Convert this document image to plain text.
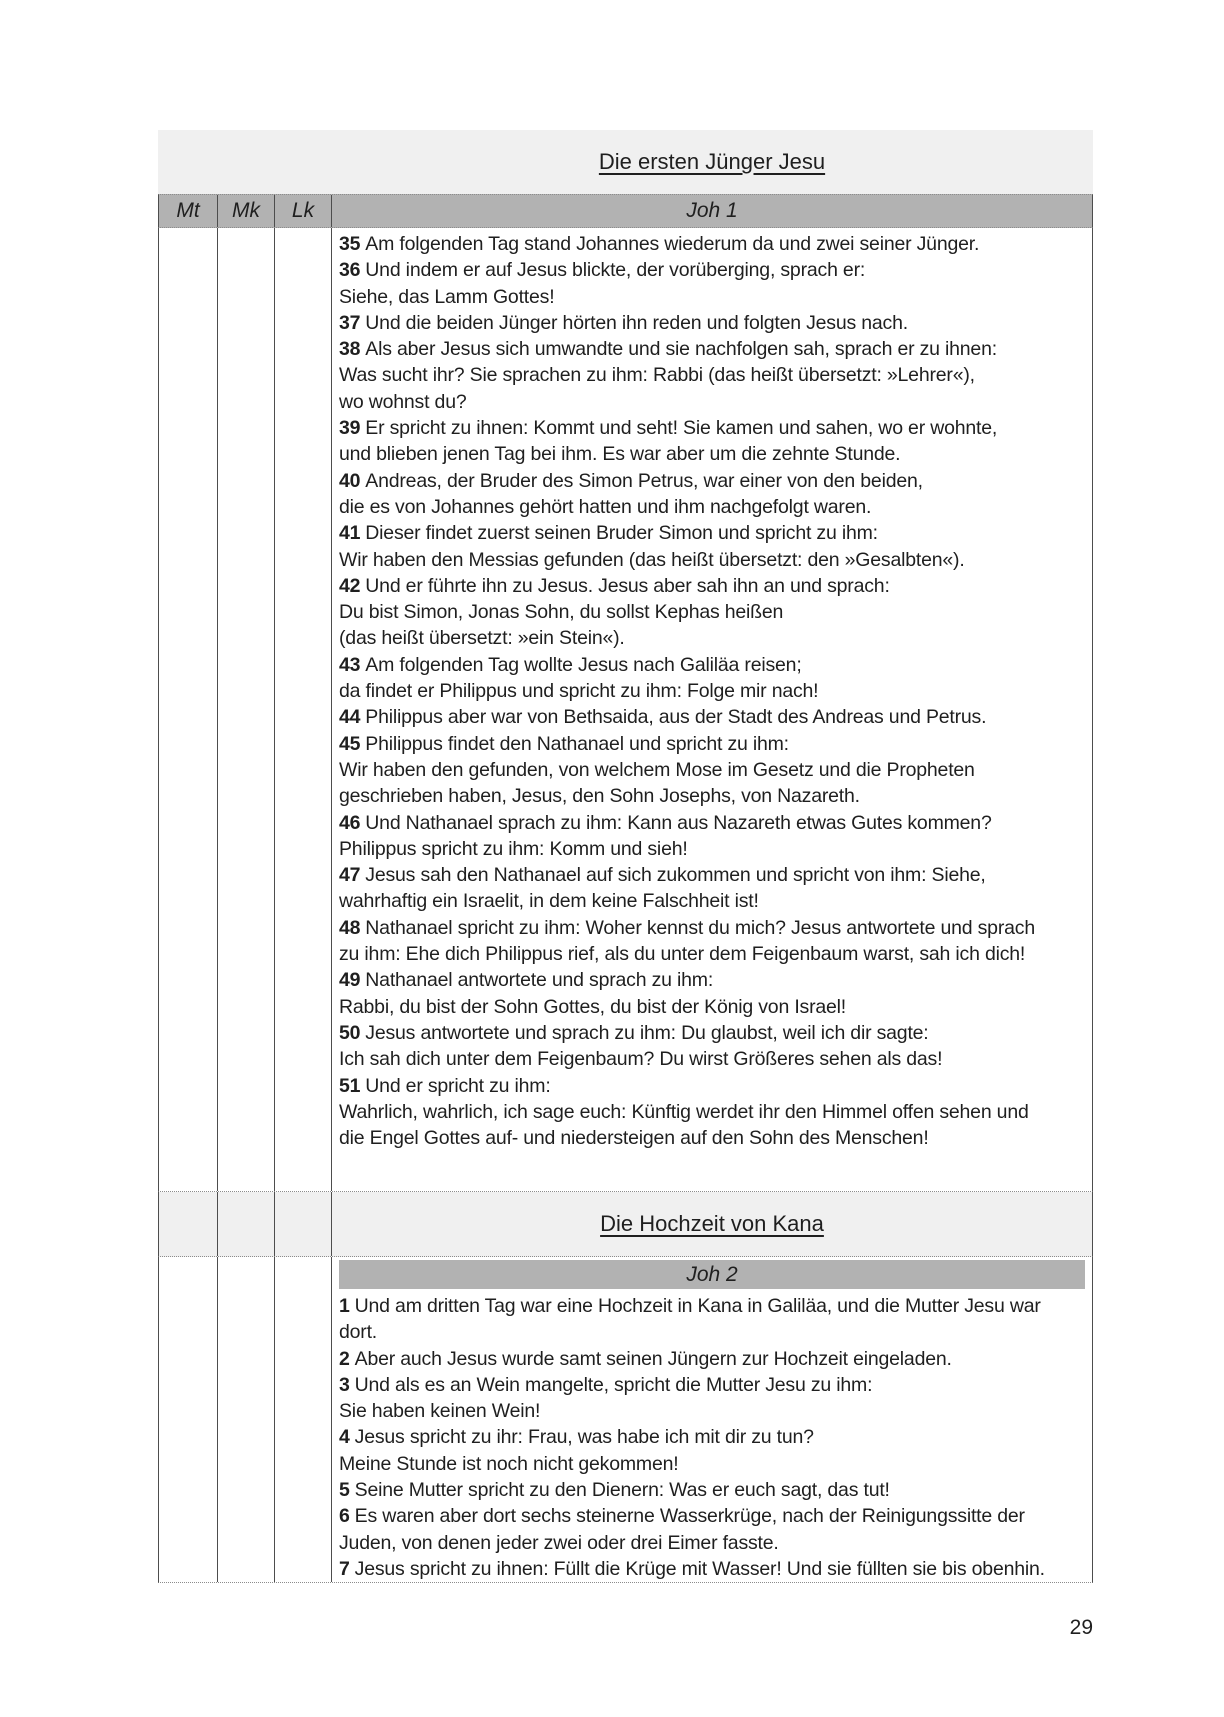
Die ersten Jünger Jesu
Mt	Mk	Lk	Joh 1
35 Am folgenden Tag stand Johannes wiederum da und zwei seiner Jünger.
36 Und indem er auf Jesus blickte, der vorüberging, sprach er:
Siehe, das Lamm Gottes!
37 Und die beiden Jünger hörten ihn reden und folgten Jesus nach.
38 Als aber Jesus sich umwandte und sie nachfolgen sah, sprach er zu ihnen:
Was sucht ihr? Sie sprachen zu ihm: Rabbi (das heißt übersetzt: »Lehrer«),
wo wohnst du?
39 Er spricht zu ihnen: Kommt und seht! Sie kamen und sahen, wo er wohnte,
und blieben jenen Tag bei ihm. Es war aber um die zehnte Stunde.
40 Andreas, der Bruder des Simon Petrus, war einer von den beiden,
die es von Johannes gehört hatten und ihm nachgefolgt waren.
41 Dieser findet zuerst seinen Bruder Simon und spricht zu ihm:
Wir haben den Messias gefunden (das heißt übersetzt: den »Gesalbten«).
42 Und er führte ihn zu Jesus. Jesus aber sah ihn an und sprach:
Du bist Simon, Jonas Sohn, du sollst Kephas heißen
(das heißt übersetzt: »ein Stein«).
43 Am folgenden Tag wollte Jesus nach Galiläa reisen;
da findet er Philippus und spricht zu ihm: Folge mir nach!
44 Philippus aber war von Bethsaida, aus der Stadt des Andreas und Petrus.
45 Philippus findet den Nathanael und spricht zu ihm:
Wir haben den gefunden, von welchem Mose im Gesetz und die Propheten
geschrieben haben, Jesus, den Sohn Josephs, von Nazareth.
46 Und Nathanael sprach zu ihm: Kann aus Nazareth etwas Gutes kommen?
Philippus spricht zu ihm: Komm und sieh!
47 Jesus sah den Nathanael auf sich zukommen und spricht von ihm: Siehe,
wahrhaftig ein Israelit, in dem keine Falschheit ist!
48 Nathanael spricht zu ihm: Woher kennst du mich? Jesus antwortete und sprach
zu ihm: Ehe dich Philippus rief, als du unter dem Feigenbaum warst, sah ich dich!
49 Nathanael antwortete und sprach zu ihm:
Rabbi, du bist der Sohn Gottes, du bist der König von Israel!
50 Jesus antwortete und sprach zu ihm: Du glaubst, weil ich dir sagte:
Ich sah dich unter dem Feigenbaum? Du wirst Größeres sehen als das!
51 Und er spricht zu ihm:
Wahrlich, wahrlich, ich sage euch: Künftig werdet ihr den Himmel offen sehen und
die Engel Gottes auf- und niedersteigen auf den Sohn des Menschen!
Die Hochzeit von Kana
Joh 2
1 Und am dritten Tag war eine Hochzeit in Kana in Galiläa, und die Mutter Jesu war
dort.
2 Aber auch Jesus wurde samt seinen Jüngern zur Hochzeit eingeladen.
3 Und als es an Wein mangelte, spricht die Mutter Jesu zu ihm:
Sie haben keinen Wein!
4 Jesus spricht zu ihr: Frau, was habe ich mit dir zu tun?
Meine Stunde ist noch nicht gekommen!
5 Seine Mutter spricht zu den Dienern: Was er euch sagt, das tut!
6 Es waren aber dort sechs steinerne Wasserkrüge, nach der Reinigungssitte der
Juden, von denen jeder zwei oder drei Eimer fasste.
7 Jesus spricht zu ihnen: Füllt die Krüge mit Wasser! Und sie füllten sie bis obenhin.
29
